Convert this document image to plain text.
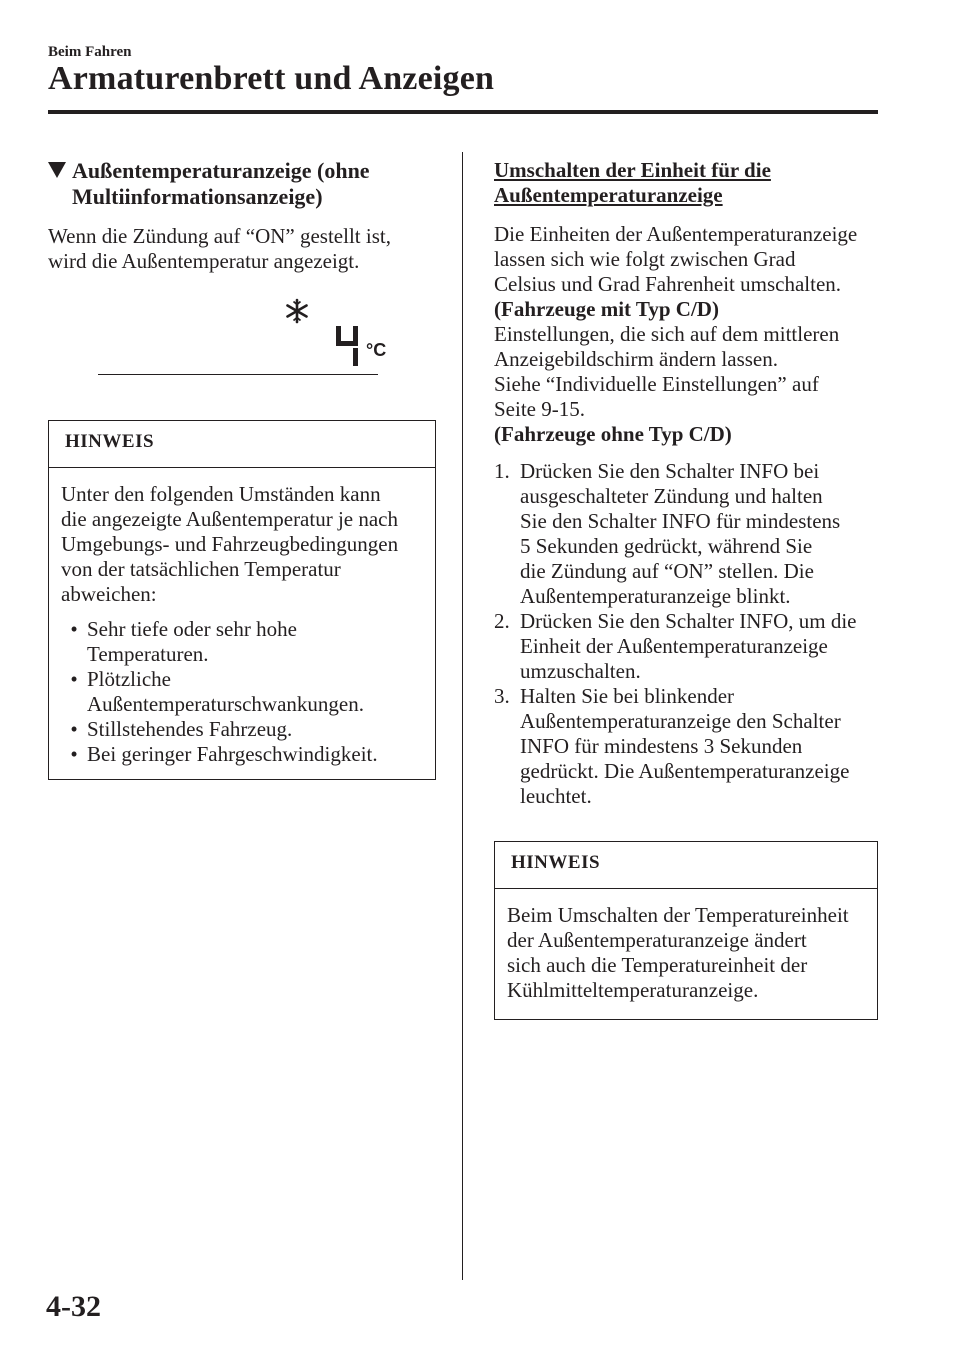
Beim Fahren
Armaturenbrett und Anzeigen
Außentemperaturanzeige (ohne
Multiinformationsanzeige)
Wenn die Zündung auf “ON” gestellt ist,
wird die Außentemperatur angezeigt.
°C
HINWEIS
Unter den folgenden Umständen kann
die angezeigte Außentemperatur je nach
Umgebungs- und Fahrzeugbedingungen
von der tatsächlichen Temperatur
abweichen:
• Sehr tiefe oder sehr hohe
Temperaturen.
• Plötzliche
Außentemperaturschwankungen.
• Stillstehendes Fahrzeug.
• Bei geringer Fahrgeschwindigkeit.
Umschalten der Einheit für die
Außentemperaturanzeige
Die Einheiten der Außentemperaturanzeige
lassen sich wie folgt zwischen Grad
Celsius und Grad Fahrenheit umschalten.
(Fahrzeuge mit Typ C/D)
Einstellungen, die sich auf dem mittleren
Anzeigebildschirm ändern lassen.
Siehe “Individuelle Einstellungen” auf
Seite 9-15.
(Fahrzeuge ohne Typ C/D)
1. Drücken Sie den Schalter INFO bei
ausgeschalteter Zündung und halten
Sie den Schalter INFO für mindestens
5 Sekunden gedrückt, während Sie
die Zündung auf “ON” stellen. Die
Außentemperaturanzeige blinkt.
2. Drücken Sie den Schalter INFO, um die
Einheit der Außentemperaturanzeige
umzuschalten.
3. Halten Sie bei blinkender
Außentemperaturanzeige den Schalter
INFO für mindestens 3 Sekunden
gedrückt. Die Außentemperaturanzeige
leuchtet.
HINWEIS
Beim Umschalten der Temperatureinheit
der Außentemperaturanzeige ändert
sich auch die Temperatureinheit der
Kühlmitteltemperaturanzeige.
4-32
